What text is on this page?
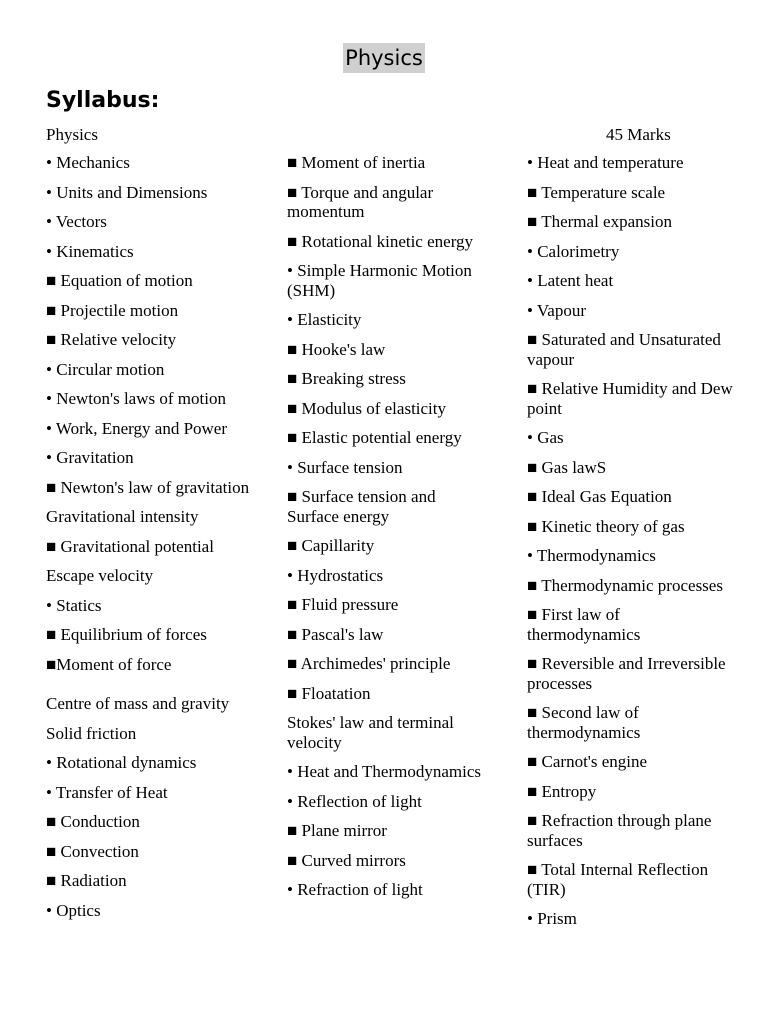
Physics
Syllabus:
Physics	45 Marks
• Mechanics
• Units and Dimensions
• Vectors
• Kinematics
■ Equation of motion
■ Projectile motion
■ Relative velocity
• Circular motion
• Newton's laws of motion
• Work, Energy and Power
• Gravitation
■ Newton's law of gravitation
Gravitational intensity
■ Gravitational potential
Escape velocity
• Statics
■ Equilibrium of forces
■Moment of force
Centre of mass and gravity
Solid friction
• Rotational dynamics
• Transfer of Heat
■ Conduction
■ Convection
■ Radiation
• Optics
■ Moment of inertia
■ Torque and angular momentum
■ Rotational kinetic energy
• Simple Harmonic Motion (SHM)
• Elasticity
■ Hooke's law
■ Breaking stress
■ Modulus of elasticity
■ Elastic potential energy
• Surface tension
■ Surface tension and Surface energy
■ Capillarity
• Hydrostatics
■ Fluid pressure
■ Pascal's law
■ Archimedes' principle
■ Floatation
Stokes' law and terminal velocity
• Heat and Thermodynamics
• Reflection of light
■ Plane mirror
■ Curved mirrors
• Refraction of light
• Heat and temperature
■ Temperature scale
■ Thermal expansion
• Calorimetry
• Latent heat
• Vapour
■ Saturated and Unsaturated vapour
■ Relative Humidity and Dew point
• Gas
■ Gas lawS
■ Ideal Gas Equation
■ Kinetic theory of gas
• Thermodynamics
■ Thermodynamic processes
■ First law of thermodynamics
■ Reversible and Irreversible processes
■ Second law of thermodynamics
■ Carnot's engine
■ Entropy
■ Refraction through plane surfaces
■ Total Internal Reflection (TIR)
• Prism
